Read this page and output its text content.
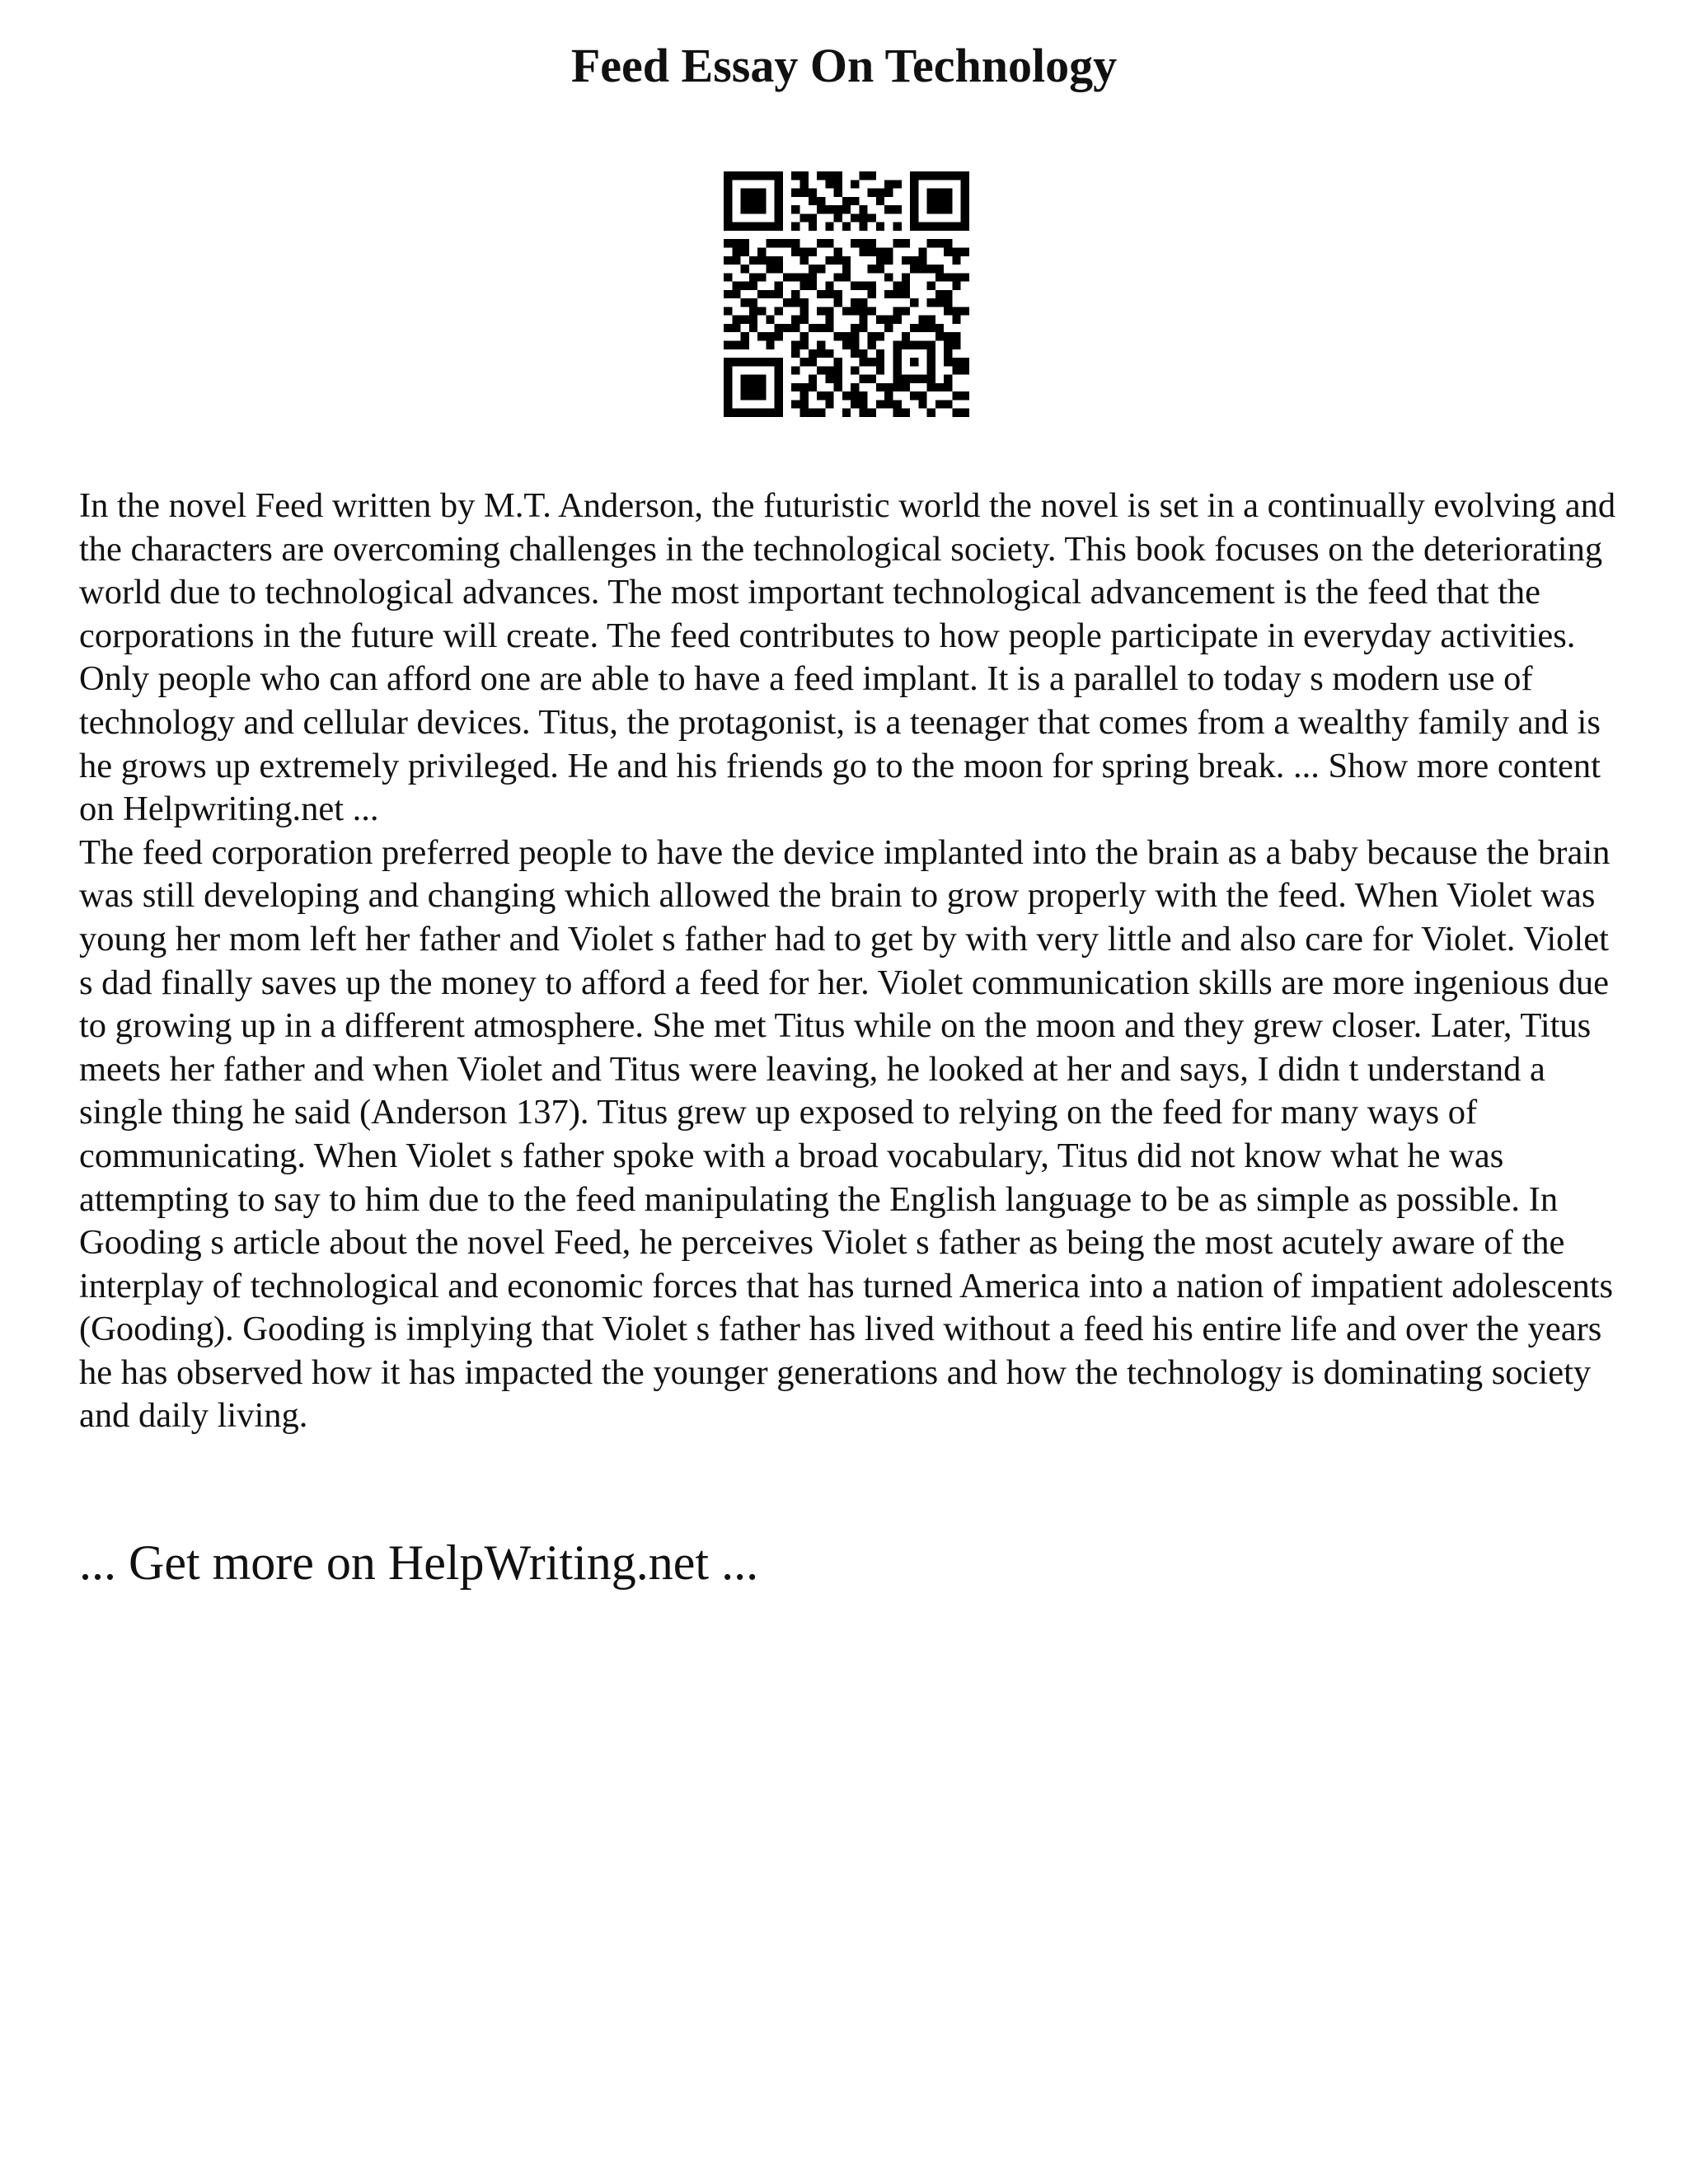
Feed Essay On Technology

In the novel Feed written by M.T. Anderson, the futuristic world the novel is set in a continually evolving and the characters are overcoming challenges in the technological society. This book focuses on the deteriorating world due to technological advances. The most important technological advancement is the feed that the corporations in the future will create. The feed contributes to how people participate in everyday activities. Only people who can afford one are able to have a feed implant. It is a parallel to today s modern use of technology and cellular devices. Titus, the protagonist, is a teenager that comes from a wealthy family and is he grows up extremely privileged. He and his friends go to the moon for spring break. ... Show more content on Helpwriting.net ...

The feed corporation preferred people to have the device implanted into the brain as a baby because the brain was still developing and changing which allowed the brain to grow properly with the feed. When Violet was young her mom left her father and Violet s father had to get by with very little and also care for Violet. Violet s dad finally saves up the money to afford a feed for her. Violet communication skills are more ingenious due to growing up in a different atmosphere. She met Titus while on the moon and they grew closer. Later, Titus meets her father and when Violet and Titus were leaving, he looked at her and says, I didn t understand a single thing he said (Anderson 137). Titus grew up exposed to relying on the feed for many ways of communicating. When Violet s father spoke with a broad vocabulary, Titus did not know what he was attempting to say to him due to the feed manipulating the English language to be as simple as possible. In Gooding s article about the novel Feed, he perceives Violet s father as being the most acutely aware of the interplay of technological and economic forces that has turned America into a nation of impatient adolescents (Gooding). Gooding is implying that Violet s father has lived without a feed his entire life and over the years he has observed how it has impacted the younger generations and how the technology is dominating society and daily living.

... Get more on HelpWriting.net ...
